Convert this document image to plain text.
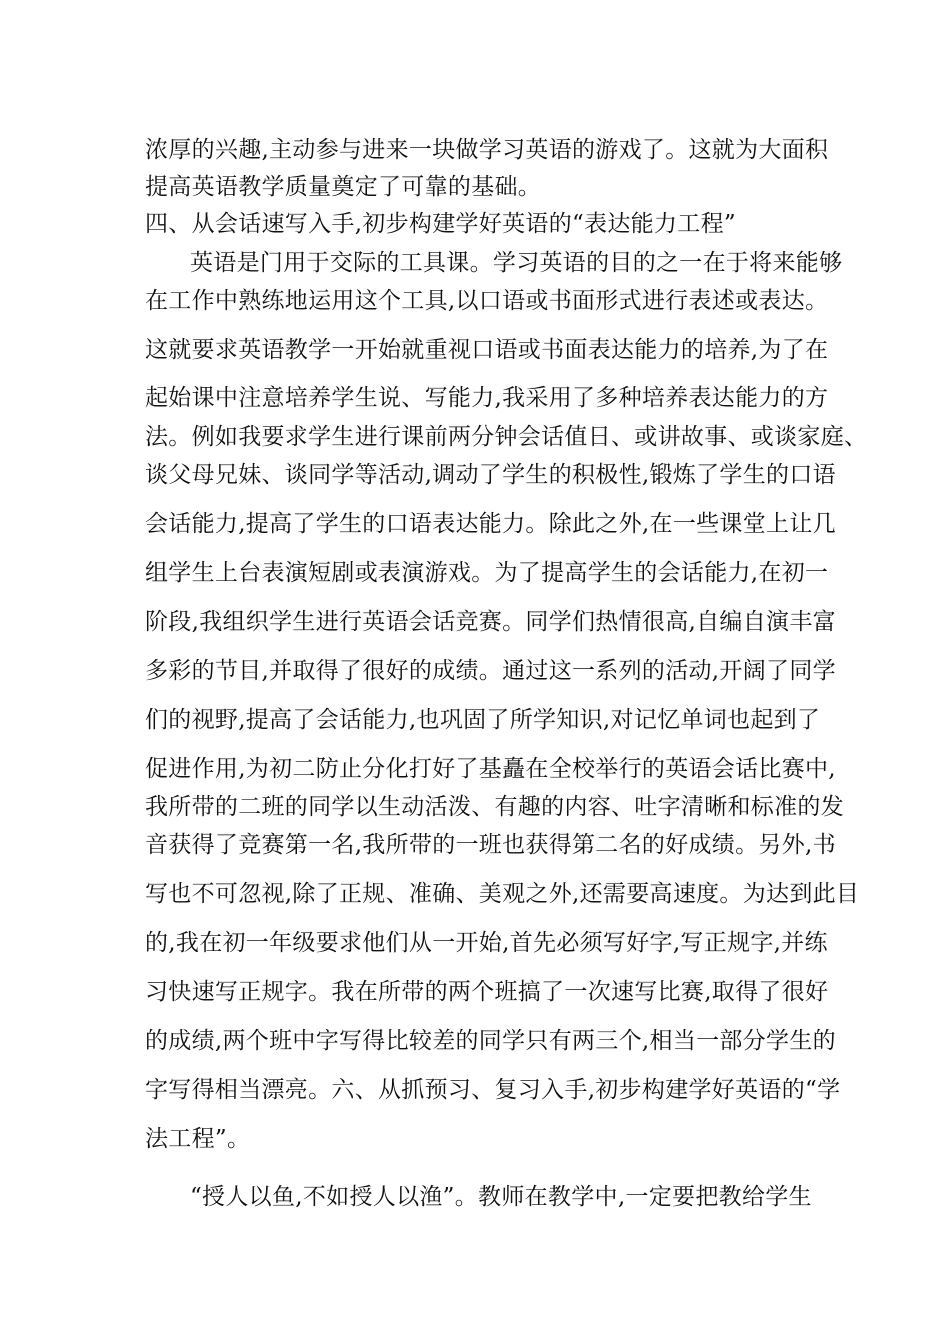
浓厚的兴趣,主动参与进来一块做学习英语的游戏了。这就为大面积
提高英语教学质量奠定了可靠的基础。
四、从会话速写入手,初步构建学好英语的“表达能力工程”
英语是门用于交际的工具课。学习英语的目的之一在于将来能够
在工作中熟练地运用这个工具,以口语或书面形式进行表述或表达。
这就要求英语教学一开始就重视口语或书面表达能力的培养,为了在
起始课中注意培养学生说、写能力,我采用了多种培养表达能力的方
法。例如我要求学生进行课前两分钟会话值日、或讲故事、或谈家庭、
谈父母兄妹、谈同学等活动,调动了学生的积极性,锻炼了学生的口语
会话能力,提高了学生的口语表达能力。除此之外,在一些课堂上让几
组学生上台表演短剧或表演游戏。为了提高学生的会话能力,在初一
阶段,我组织学生进行英语会话竞赛。同学们热情很高,自编自演丰富
多彩的节目,并取得了很好的成绩。通过这一系列的活动,开阔了同学
们的视野,提高了会话能力,也巩固了所学知识,对记忆单词也起到了
促进作用,为初二防止分化打好了基矗在全校举行的英语会话比赛中,
我所带的二班的同学以生动活泼、有趣的内容、吐字清晰和标准的发
音获得了竞赛第一名,我所带的一班也获得第二名的好成绩。另外,书
写也不可忽视,除了正规、准确、美观之外,还需要高速度。为达到此目
的,我在初一年级要求他们从一开始,首先必须写好字,写正规字,并练
习快速写正规字。我在所带的两个班搞了一次速写比赛,取得了很好
的成绩,两个班中字写得比较差的同学只有两三个,相当一部分学生的
字写得相当漂亮。六、从抓预习、复习入手,初步构建学好英语的“学
法工程”。
“授人以鱼,不如授人以渔”。教师在教学中,一定要把教给学生
